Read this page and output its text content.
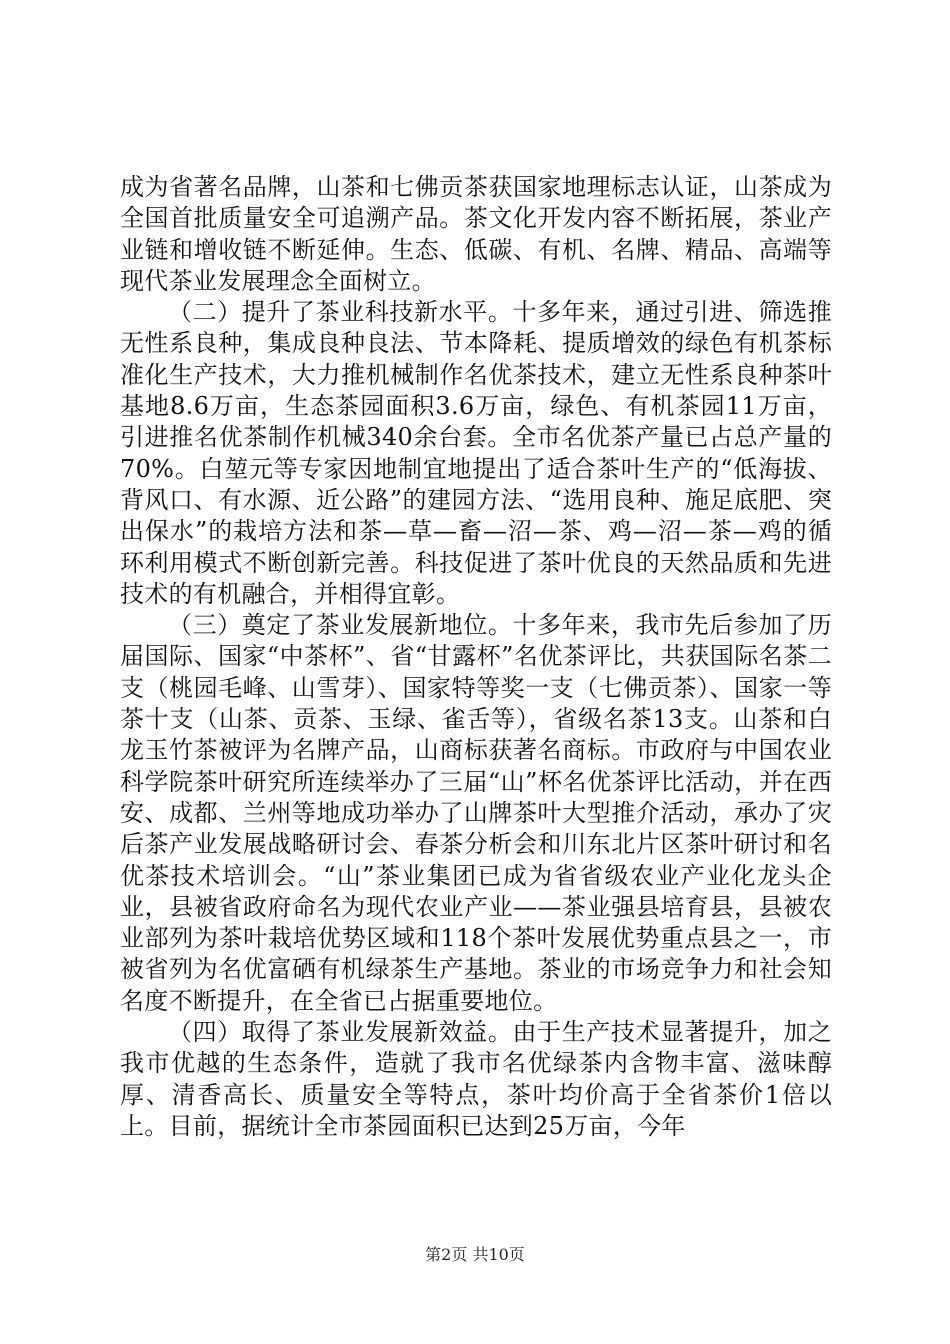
成为省著名品牌，山茶和七佛贡茶获国家地理标志认证，山茶成为全国首批质量安全可追溯产品。茶文化开发内容不断拓展，茶业产业链和增收链不断延伸。生态、低碳、有机、名牌、精品、高端等现代茶业发展理念全面树立。

（二）提升了茶业科技新水平。十多年来，通过引进、筛选推无性系良种，集成良种良法、节本降耗、提质增效的绿色有机茶标准化生产技术，大力推机械制作名优茶技术，建立无性系良种茶叶基地8.6万亩，生态茶园面积3.6万亩，绿色、有机茶园11万亩，引进推名优茶制作机械340余台套。全市名优茶产量已占总产量的70%。白堃元等专家因地制宜地提出了适合茶叶生产的“低海拔、背风口、有水源、近公路”的建园方法、“选用良种、施足底肥、突出保水”的栽培方法和茶—草—畜—沼—茶、鸡—沼—茶—鸡的循环利用模式不断创新完善。科技促进了茶叶优良的天然品质和先进技术的有机融合，并相得宜彰。

（三）奠定了茶业发展新地位。十多年来，我市先后参加了历届国际、国家“中茶杯”、省“甘露杯”名优茶评比，共获国际名茶二支（桃园毛峰、山雪芽）、国家特等奖一支（七佛贡茶）、国家一等茶十支（山茶、贡茶、玉绿、雀舌等），省级名茶13支。山茶和白龙玉竹茶被评为名牌产品，山商标获著名商标。市政府与中国农业科学院茶叶研究所连续举办了三届“山”杯名优茶评比活动，并在西安、成都、兰州等地成功举办了山牌茶叶大型推介活动，承办了灾后茶产业发展战略研讨会、春茶分析会和川东北片区茶叶研讨和名优茶技术培训会。“山”茶业集团已成为省省级农业产业化龙头企业，县被省政府命名为现代农业产业——茶业强县培育县，县被农业部列为茶叶栽培优势区域和118个茶叶发展优势重点县之一，市被省列为名优富硒有机绿茶生产基地。茶业的市场竞争力和社会知名度不断提升，在全省已占据重要地位。

（四）取得了茶业发展新效益。由于生产技术显著提升，加之我市优越的生态条件，造就了我市名优绿茶内含物丰富、滋味醇厚、清香高长、质量安全等特点，茶叶均价高于全省茶价1倍以上。目前，据统计全市茶园面积已达到25万亩，今年

第2页 共10页
